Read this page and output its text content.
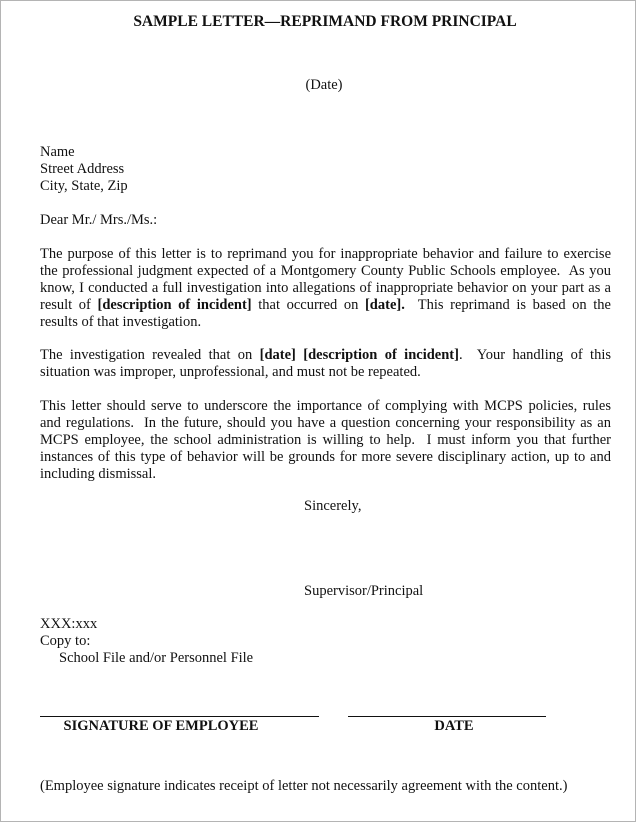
SAMPLE LETTER—REPRIMAND FROM PRINCIPAL
(Date)
Name
Street Address
City, State, Zip
Dear Mr./ Mrs./Ms.:
The purpose of this letter is to reprimand you for inappropriate behavior and failure to exercise
the professional judgment expected of a Montgomery County Public Schools employee.  As you
know, I conducted a full investigation into allegations of inappropriate behavior on your part as a
result of [description of incident] that occurred on [date].  This reprimand is based on the
results of that investigation.
The investigation revealed that on [date] [description of incident].  Your handling of this
situation was improper, unprofessional, and must not be repeated.
This letter should serve to underscore the importance of complying with MCPS policies, rules
and regulations.  In the future, should you have a question concerning your responsibility as an
MCPS employee, the school administration is willing to help.  I must inform you that further
instances of this type of behavior will be grounds for more severe disciplinary action, up to and
including dismissal.
Sincerely,
Supervisor/Principal
XXX:xxx
Copy to:
School File and/or Personnel File
SIGNATURE OF EMPLOYEE	DATE
(Employee signature indicates receipt of letter not necessarily agreement with the content.)
